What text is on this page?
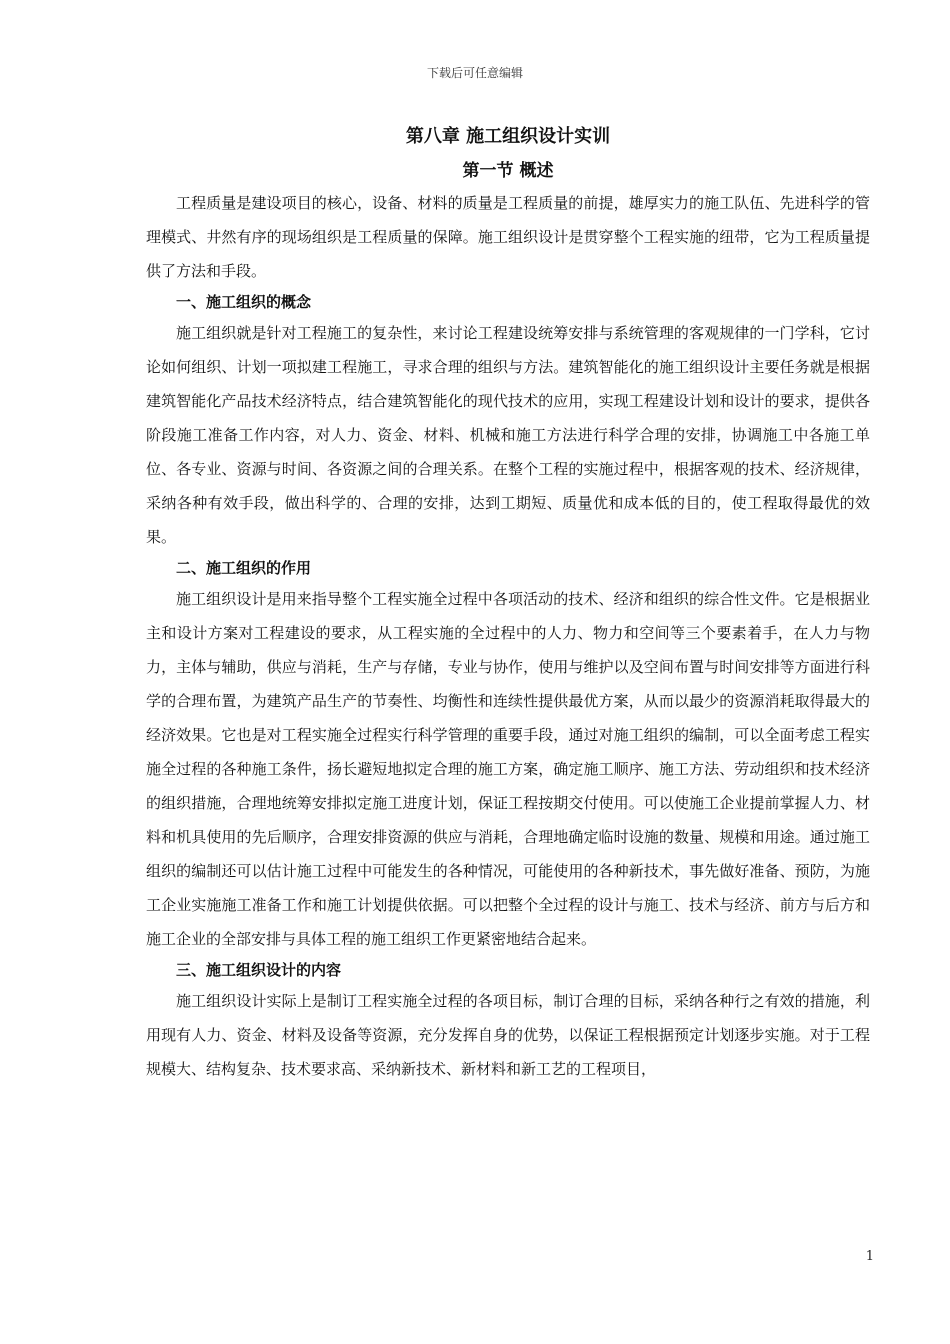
下载后可任意编辑
第八章 施工组织设计实训
第一节 概述

工程质量是建设项目的核心，设备、材料的质量是工程质量的前提，雄厚实力的施工队伍、先进科学的管理模式、井然有序的现场组织是工程质量的保障。施工组织设计是贯穿整个工程实施的纽带，它为工程质量提供了方法和手段。

一、施工组织的概念

施工组织就是针对工程施工的复杂性，来讨论工程建设统筹安排与系统管理的客观规律的一门学科，它讨论如何组织、计划一项拟建工程施工，寻求合理的组织与方法。建筑智能化的施工组织设计主要任务就是根据建筑智能化产品技术经济特点，结合建筑智能化的现代技术的应用，实现工程建设计划和设计的要求，提供各阶段施工准备工作内容，对人力、资金、材料、机械和施工方法进行科学合理的安排，协调施工中各施工单位、各专业、资源与时间、各资源之间的合理关系。在整个工程的实施过程中，根据客观的技术、经济规律，采纳各种有效手段，做出科学的、合理的安排，达到工期短、质量优和成本低的目的，使工程取得最优的效果。

二、施工组织的作用

施工组织设计是用来指导整个工程实施全过程中各项活动的技术、经济和组织的综合性文件。它是根据业主和设计方案对工程建设的要求，从工程实施的全过程中的人力、物力和空间等三个要素着手，在人力与物力，主体与辅助，供应与消耗，生产与存储，专业与协作，使用与维护以及空间布置与时间安排等方面进行科学的合理布置，为建筑产品生产的节奏性、均衡性和连续性提供最优方案，从而以最少的资源消耗取得最大的经济效果。它也是对工程实施全过程实行科学管理的重要手段，通过对施工组织的编制，可以全面考虑工程实施全过程的各种施工条件，扬长避短地拟定合理的施工方案，确定施工顺序、施工方法、劳动组织和技术经济的组织措施，合理地统筹安排拟定施工进度计划，保证工程按期交付使用。可以使施工企业提前掌握人力、材料和机具使用的先后顺序，合理安排资源的供应与消耗，合理地确定临时设施的数量、规模和用途。通过施工组织的编制还可以估计施工过程中可能发生的各种情况，可能使用的各种新技术，事先做好准备、预防，为施工企业实施施工准备工作和施工计划提供依据。可以把整个全过程的设计与施工、技术与经济、前方与后方和施工企业的全部安排与具体工程的施工组织工作更紧密地结合起来。

三、施工组织设计的内容

施工组织设计实际上是制订工程实施全过程的各项目标，制订合理的目标，采纳各种行之有效的措施，利用现有人力、资金、材料及设备等资源，充分发挥自身的优势，以保证工程根据预定计划逐步实施。对于工程规模大、结构复杂、技术要求高、采纳新技术、新材料和新工艺的工程项目，

1
